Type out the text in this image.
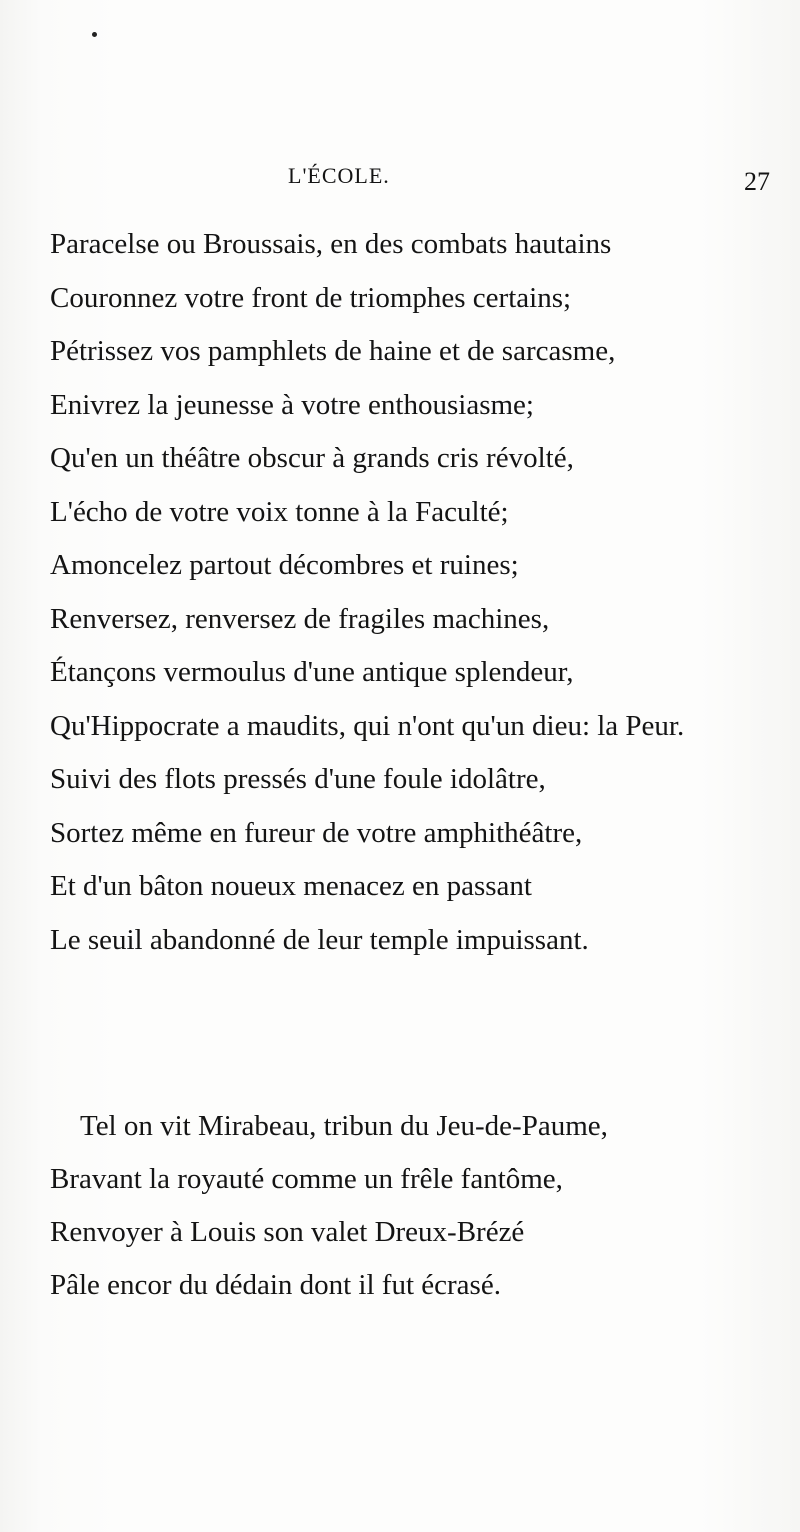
L'ÉCOLE.	27
Paracelse ou Broussais, en des combats hautains
Couronnez votre front de triomphes certains;
Pétrissez vos pamphlets de haine et de sarcasme,
Enivrez la jeunesse à votre enthousiasme;
Qu'en un théâtre obscur à grands cris révolté,
L'écho de votre voix tonne à la Faculté;
Amoncelez partout décombres et ruines;
Renversez, renversez de fragiles machines,
Étançons vermoulus d'une antique splendeur,
Qu'Hippocrate a maudits, qui n'ont qu'un dieu: la Peur.
Suivi des flots pressés d'une foule idolâtre,
Sortez même en fureur de votre amphithéâtre,
Et d'un bâton noueux menacez en passant
Le seuil abandonné de leur temple impuissant.
Tel on vit Mirabeau, tribun du Jeu-de-Paume,
Bravant la royauté comme un frêle fantôme,
Renvoyer à Louis son valet Dreux-Brézé
Pâle encor du dédain dont il fut écrasé.
